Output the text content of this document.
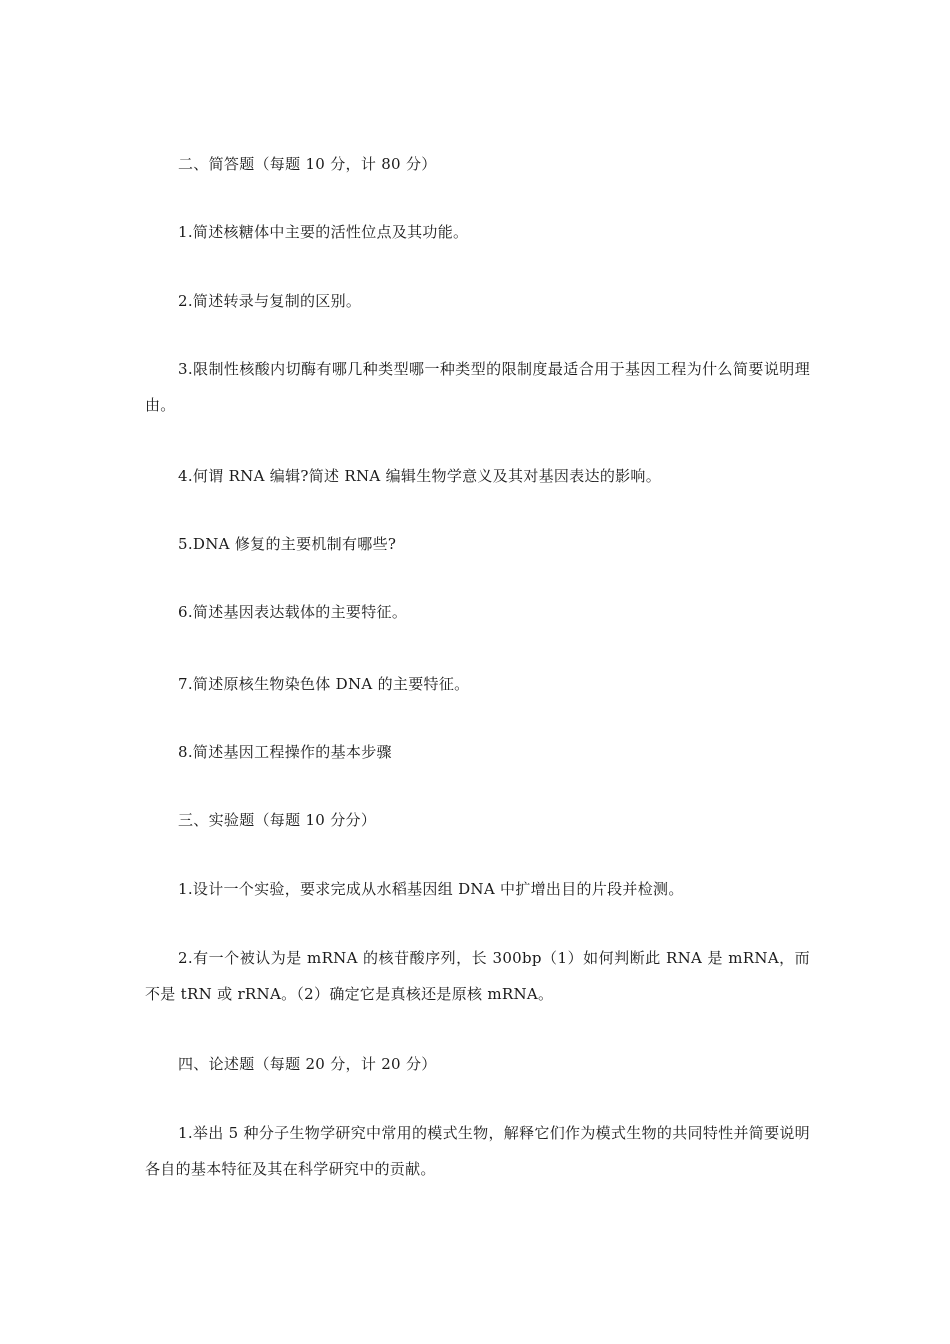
二、简答题（每题 10 分，计 80 分）
1.简述核糖体中主要的活性位点及其功能。
2.简述转录与复制的区别。
3.限制性核酸内切酶有哪几种类型哪一种类型的限制度最适合用于基因工程为什么简要说明理由。
4.何谓 RNA 编辑?简述 RNA 编辑生物学意义及其对基因表达的影响。
5.DNA 修复的主要机制有哪些?
6.简述基因表达载体的主要特征。
7.简述原核生物染色体 DNA 的主要特征。
8.简述基因工程操作的基本步骤
三、实验题（每题 10 分分）
1.设计一个实验，要求完成从水稻基因组 DNA 中扩增出目的片段并检测。
2.有一个被认为是 mRNA 的核苷酸序列，长 300bp（1）如何判断此 RNA 是 mRNA，而不是 tRN 或 rRNA。（2）确定它是真核还是原核 mRNA。
四、论述题（每题 20 分，计 20 分）
1.举出 5 种分子生物学研究中常用的模式生物，解释它们作为模式生物的共同特性并简要说明各自的基本特征及其在科学研究中的贡献。
